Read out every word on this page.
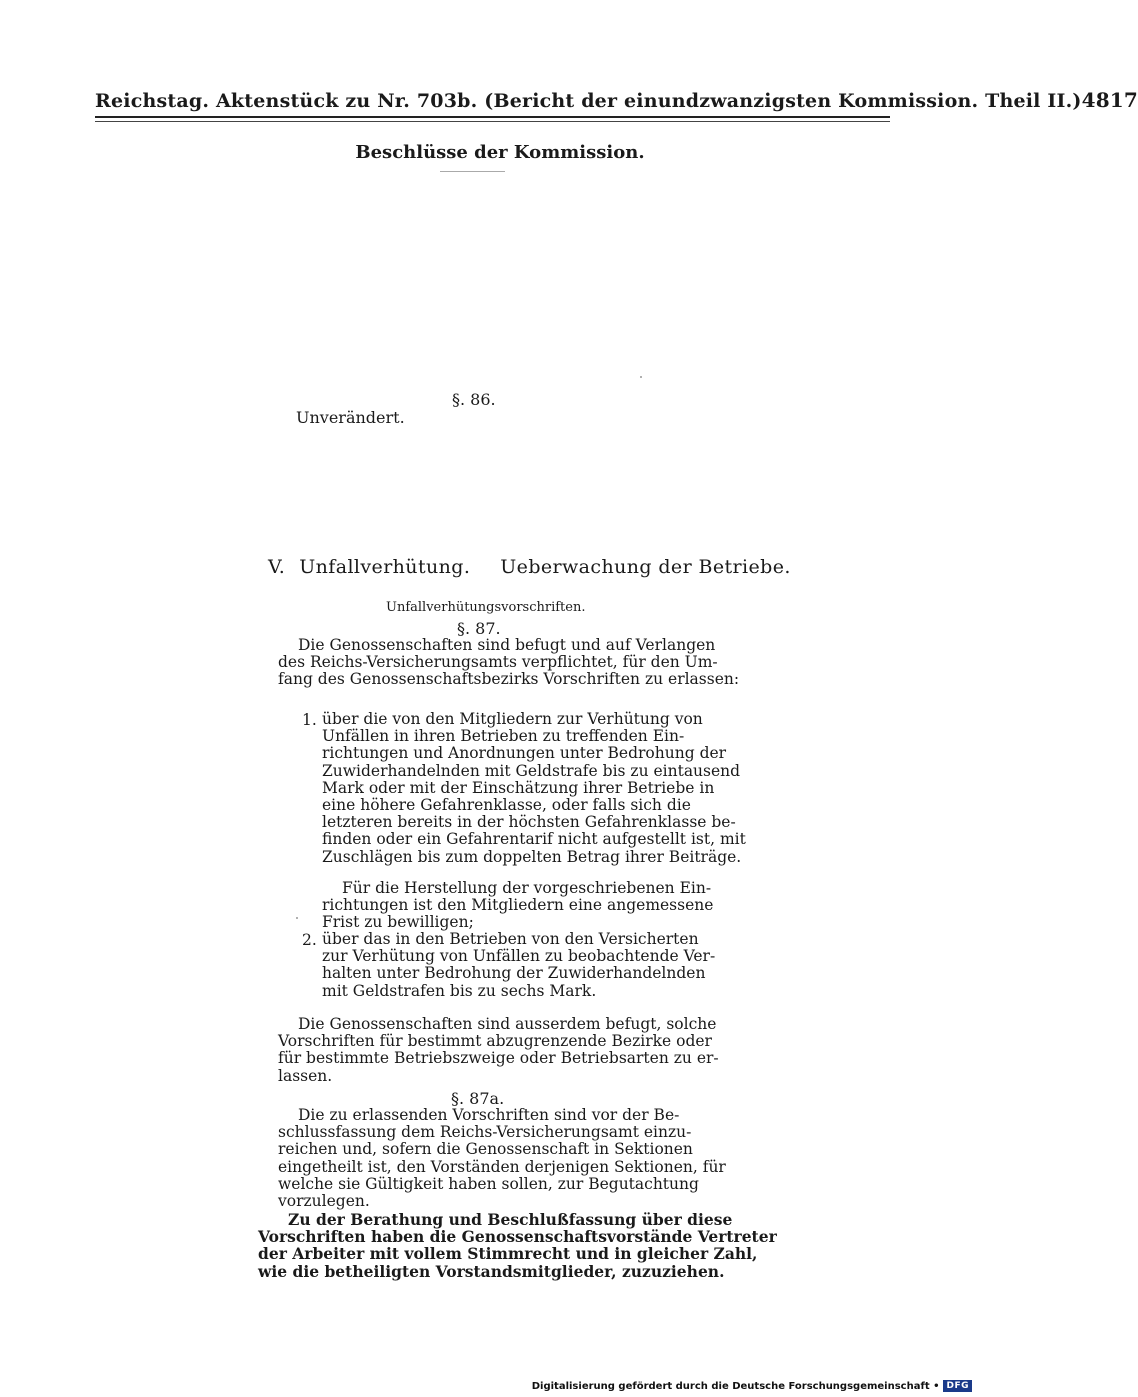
Reichstag. Aktenstück zu Nr. 703b. (Bericht der einundzwanzigsten Kommission. Theil II.) 4817
Beschlüsse der Kommission.
§. 86.
Unverändert.
V. Unfallverhütung. Ueberwachung der Betriebe.
Unfallverhütungsvorschriften.
§. 87.
Die Genossenschaften sind befugt und auf Verlangen
des Reichs-Versicherungsamts verpflichtet, für den Um-
fang des Genossenschaftsbezirks Vorschriften zu erlassen:
1. über die von den Mitgliedern zur Verhütung von
Unfällen in ihren Betrieben zu treffenden Ein-
richtungen und Anordnungen unter Bedrohung der
Zuwiderhandelnden mit Geldstrafe bis zu eintausend
Mark oder mit der Einschätzung ihrer Betriebe in
eine höhere Gefahrenklasse, oder falls sich die
letzteren bereits in der höchsten Gefahrenklasse be-
finden oder ein Gefahrentarif nicht aufgestellt ist, mit
Zuschlägen bis zum doppelten Betrag ihrer Beiträge.
Für die Herstellung der vorgeschriebenen Ein-
richtungen ist den Mitgliedern eine angemessene
Frist zu bewilligen;
2. über das in den Betrieben von den Versicherten
zur Verhütung von Unfällen zu beobachtende Ver-
halten unter Bedrohung der Zuwiderhandelnden
mit Geldstrafen bis zu sechs Mark.
Die Genossenschaften sind ausserdem befugt, solche
Vorschriften für bestimmt abzugrenzende Bezirke oder
für bestimmte Betriebszweige oder Betriebsarten zu er-
lassen.
§. 87a.
Die zu erlassenden Vorschriften sind vor der Be-
schlussfassung dem Reichs-Versicherungsamt einzu-
reichen und, sofern die Genossenschaft in Sektionen
eingetheilt ist, den Vorständen derjenigen Sektionen, für
welche sie Gültigkeit haben sollen, zur Begutachtung
vorzulegen.
Zu der Berathung und Beschlußfassung über diese
Vorschriften haben die Genossenschaftsvorstände Vertreter
der Arbeiter mit vollem Stimmrecht und in gleicher Zahl,
wie die betheiligten Vorstandsmitglieder, zuzuziehen.
Digitalisierung gefördert durch die Deutsche Forschungsgemeinschaft • DFG
